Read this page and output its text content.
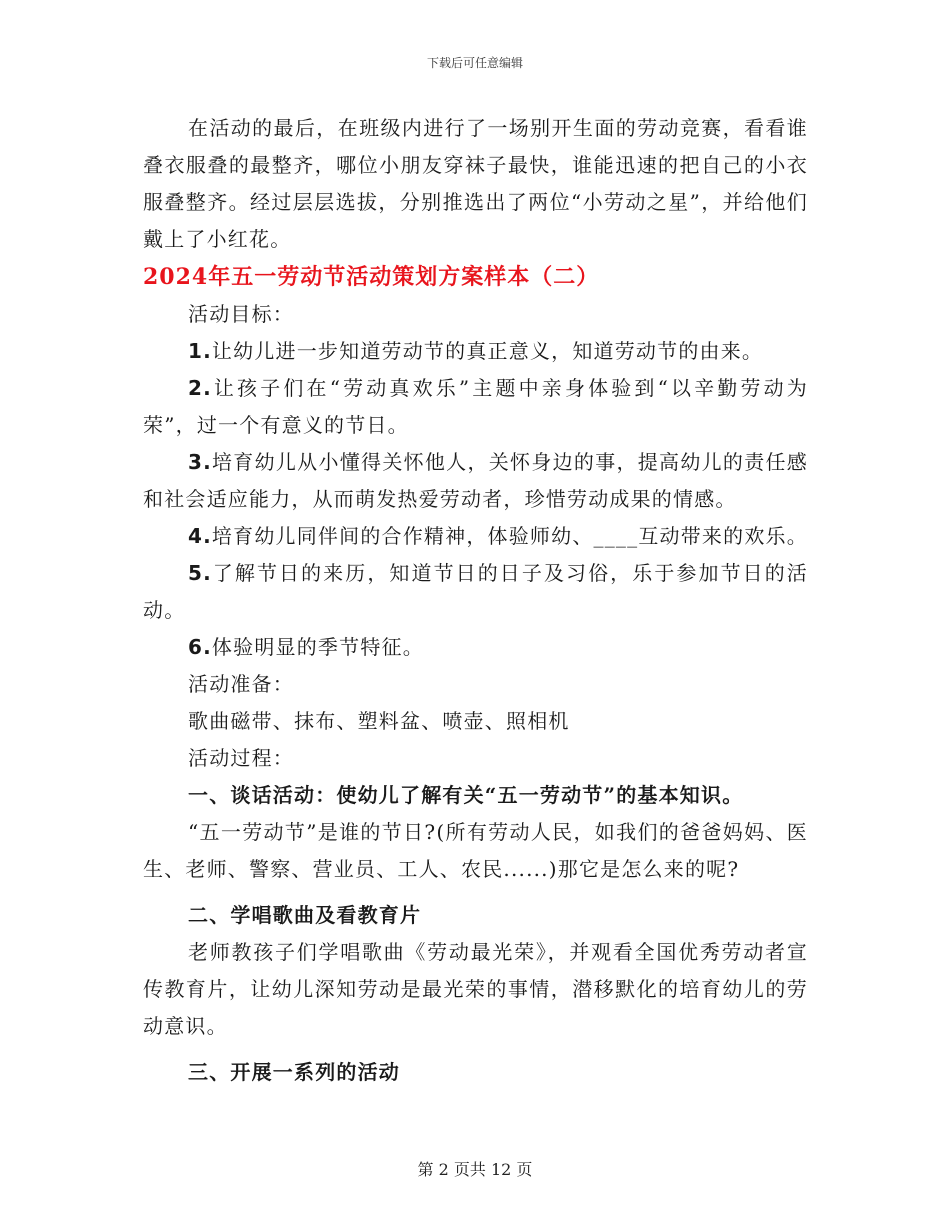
下载后可任意编辑

在活动的最后，在班级内进行了一场别开生面的劳动竞赛，看看谁叠衣服叠的最整齐，哪位小朋友穿袜子最快，谁能迅速的把自己的小衣服叠整齐。经过层层选拔，分别推选出了两位“小劳动之星”，并给他们戴上了小红花。

2024年五一劳动节活动策划方案样本（二）

活动目标：

1.让幼儿进一步知道劳动节的真正意义，知道劳动节的由来。

2.让孩子们在“劳动真欢乐”主题中亲身体验到“以辛勤劳动为荣”，过一个有意义的节日。

3.培育幼儿从小懂得关怀他人，关怀身边的事，提高幼儿的责任感和社会适应能力，从而萌发热爱劳动者，珍惜劳动成果的情感。

4.培育幼儿同伴间的合作精神，体验师幼、____互动带来的欢乐。

5.了解节日的来历，知道节日的日子及习俗，乐于参加节日的活动。

6.体验明显的季节特征。

活动准备：

歌曲磁带、抹布、塑料盆、喷壶、照相机

活动过程：

一、谈话活动：使幼儿了解有关“五一劳动节”的基本知识。

“五一劳动节”是谁的节日?(所有劳动人民，如我们的爸爸妈妈、医生、老师、警察、营业员、工人、农民......)那它是怎么来的呢?

二、学唱歌曲及看教育片

老师教孩子们学唱歌曲《劳动最光荣》，并观看全国优秀劳动者宣传教育片，让幼儿深知劳动是最光荣的事情，潜移默化的培育幼儿的劳动意识。

三、开展一系列的活动

第 2 页共 12 页
